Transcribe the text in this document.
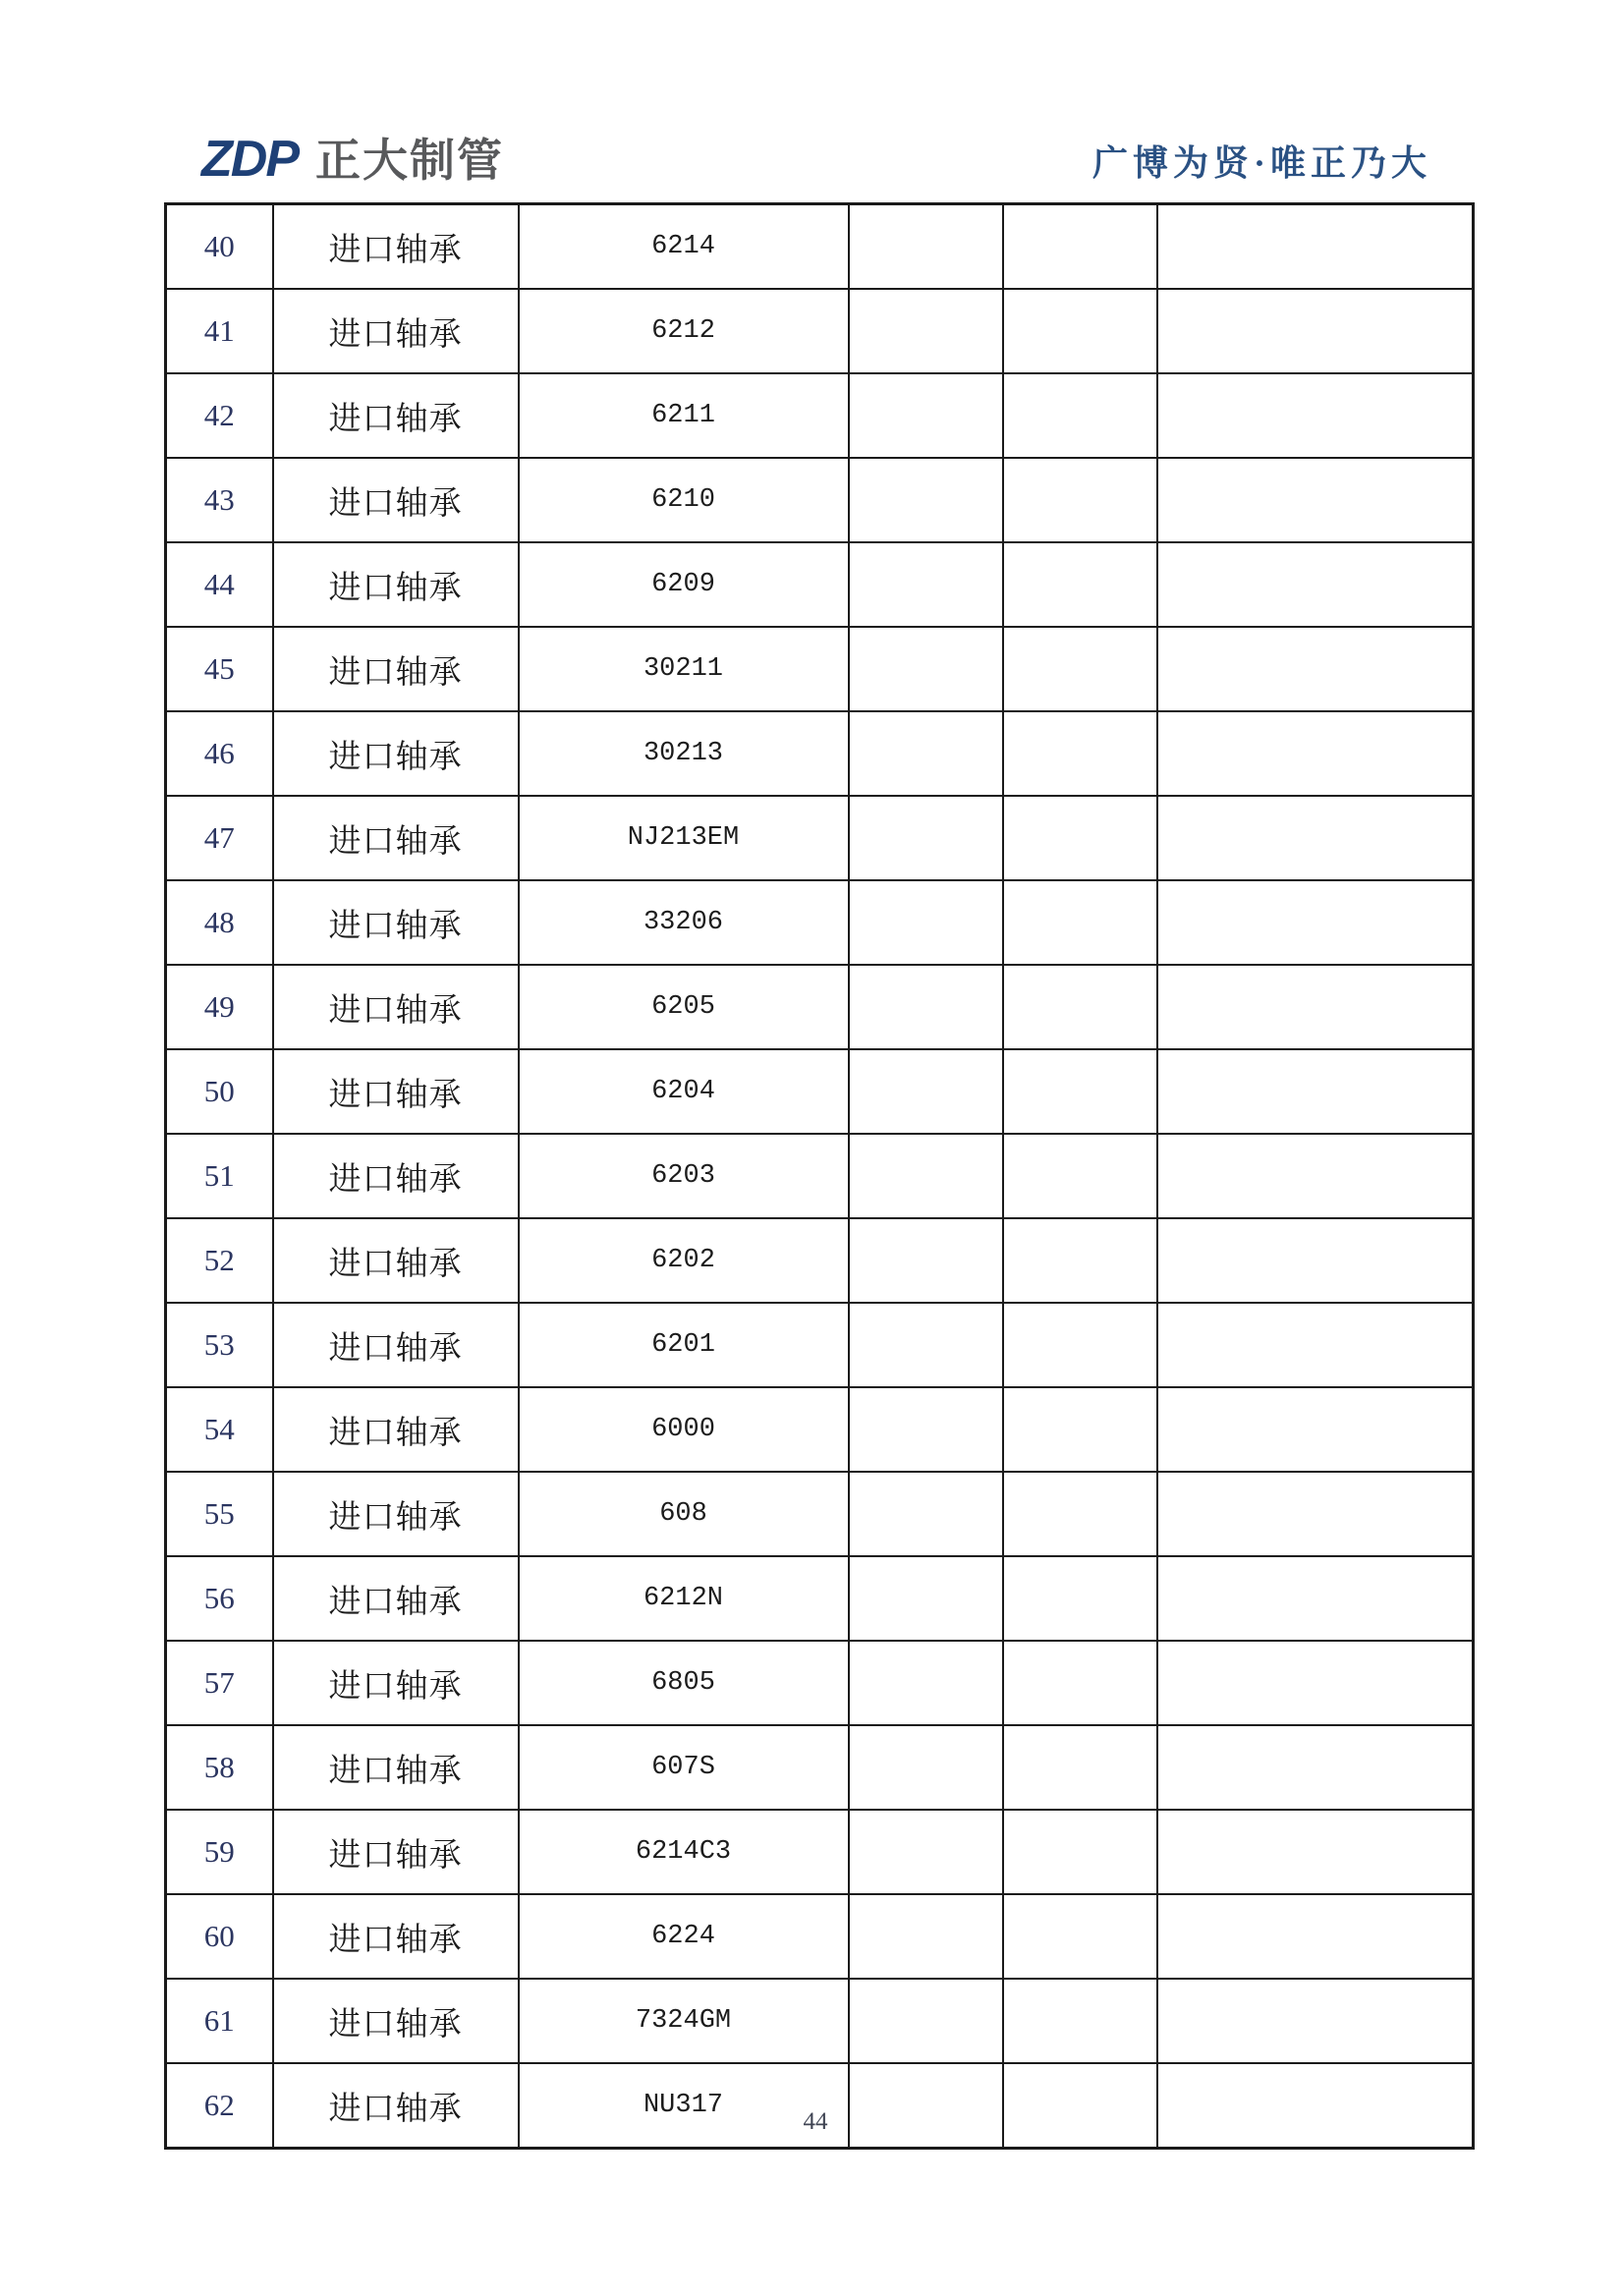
ZDP 正大制管	广博为贤·唯正乃大
40	进口轴承	6214			
41	进口轴承	6212			
42	进口轴承	6211			
43	进口轴承	6210			
44	进口轴承	6209			
45	进口轴承	30211			
46	进口轴承	30213			
47	进口轴承	NJ213EM			
48	进口轴承	33206			
49	进口轴承	6205			
50	进口轴承	6204			
51	进口轴承	6203			
52	进口轴承	6202			
53	进口轴承	6201			
54	进口轴承	6000			
55	进口轴承	608			
56	进口轴承	6212N			
57	进口轴承	6805			
58	进口轴承	607S			
59	进口轴承	6214C3			
60	进口轴承	6224			
61	进口轴承	7324GM			
62	进口轴承	NU317			
44
